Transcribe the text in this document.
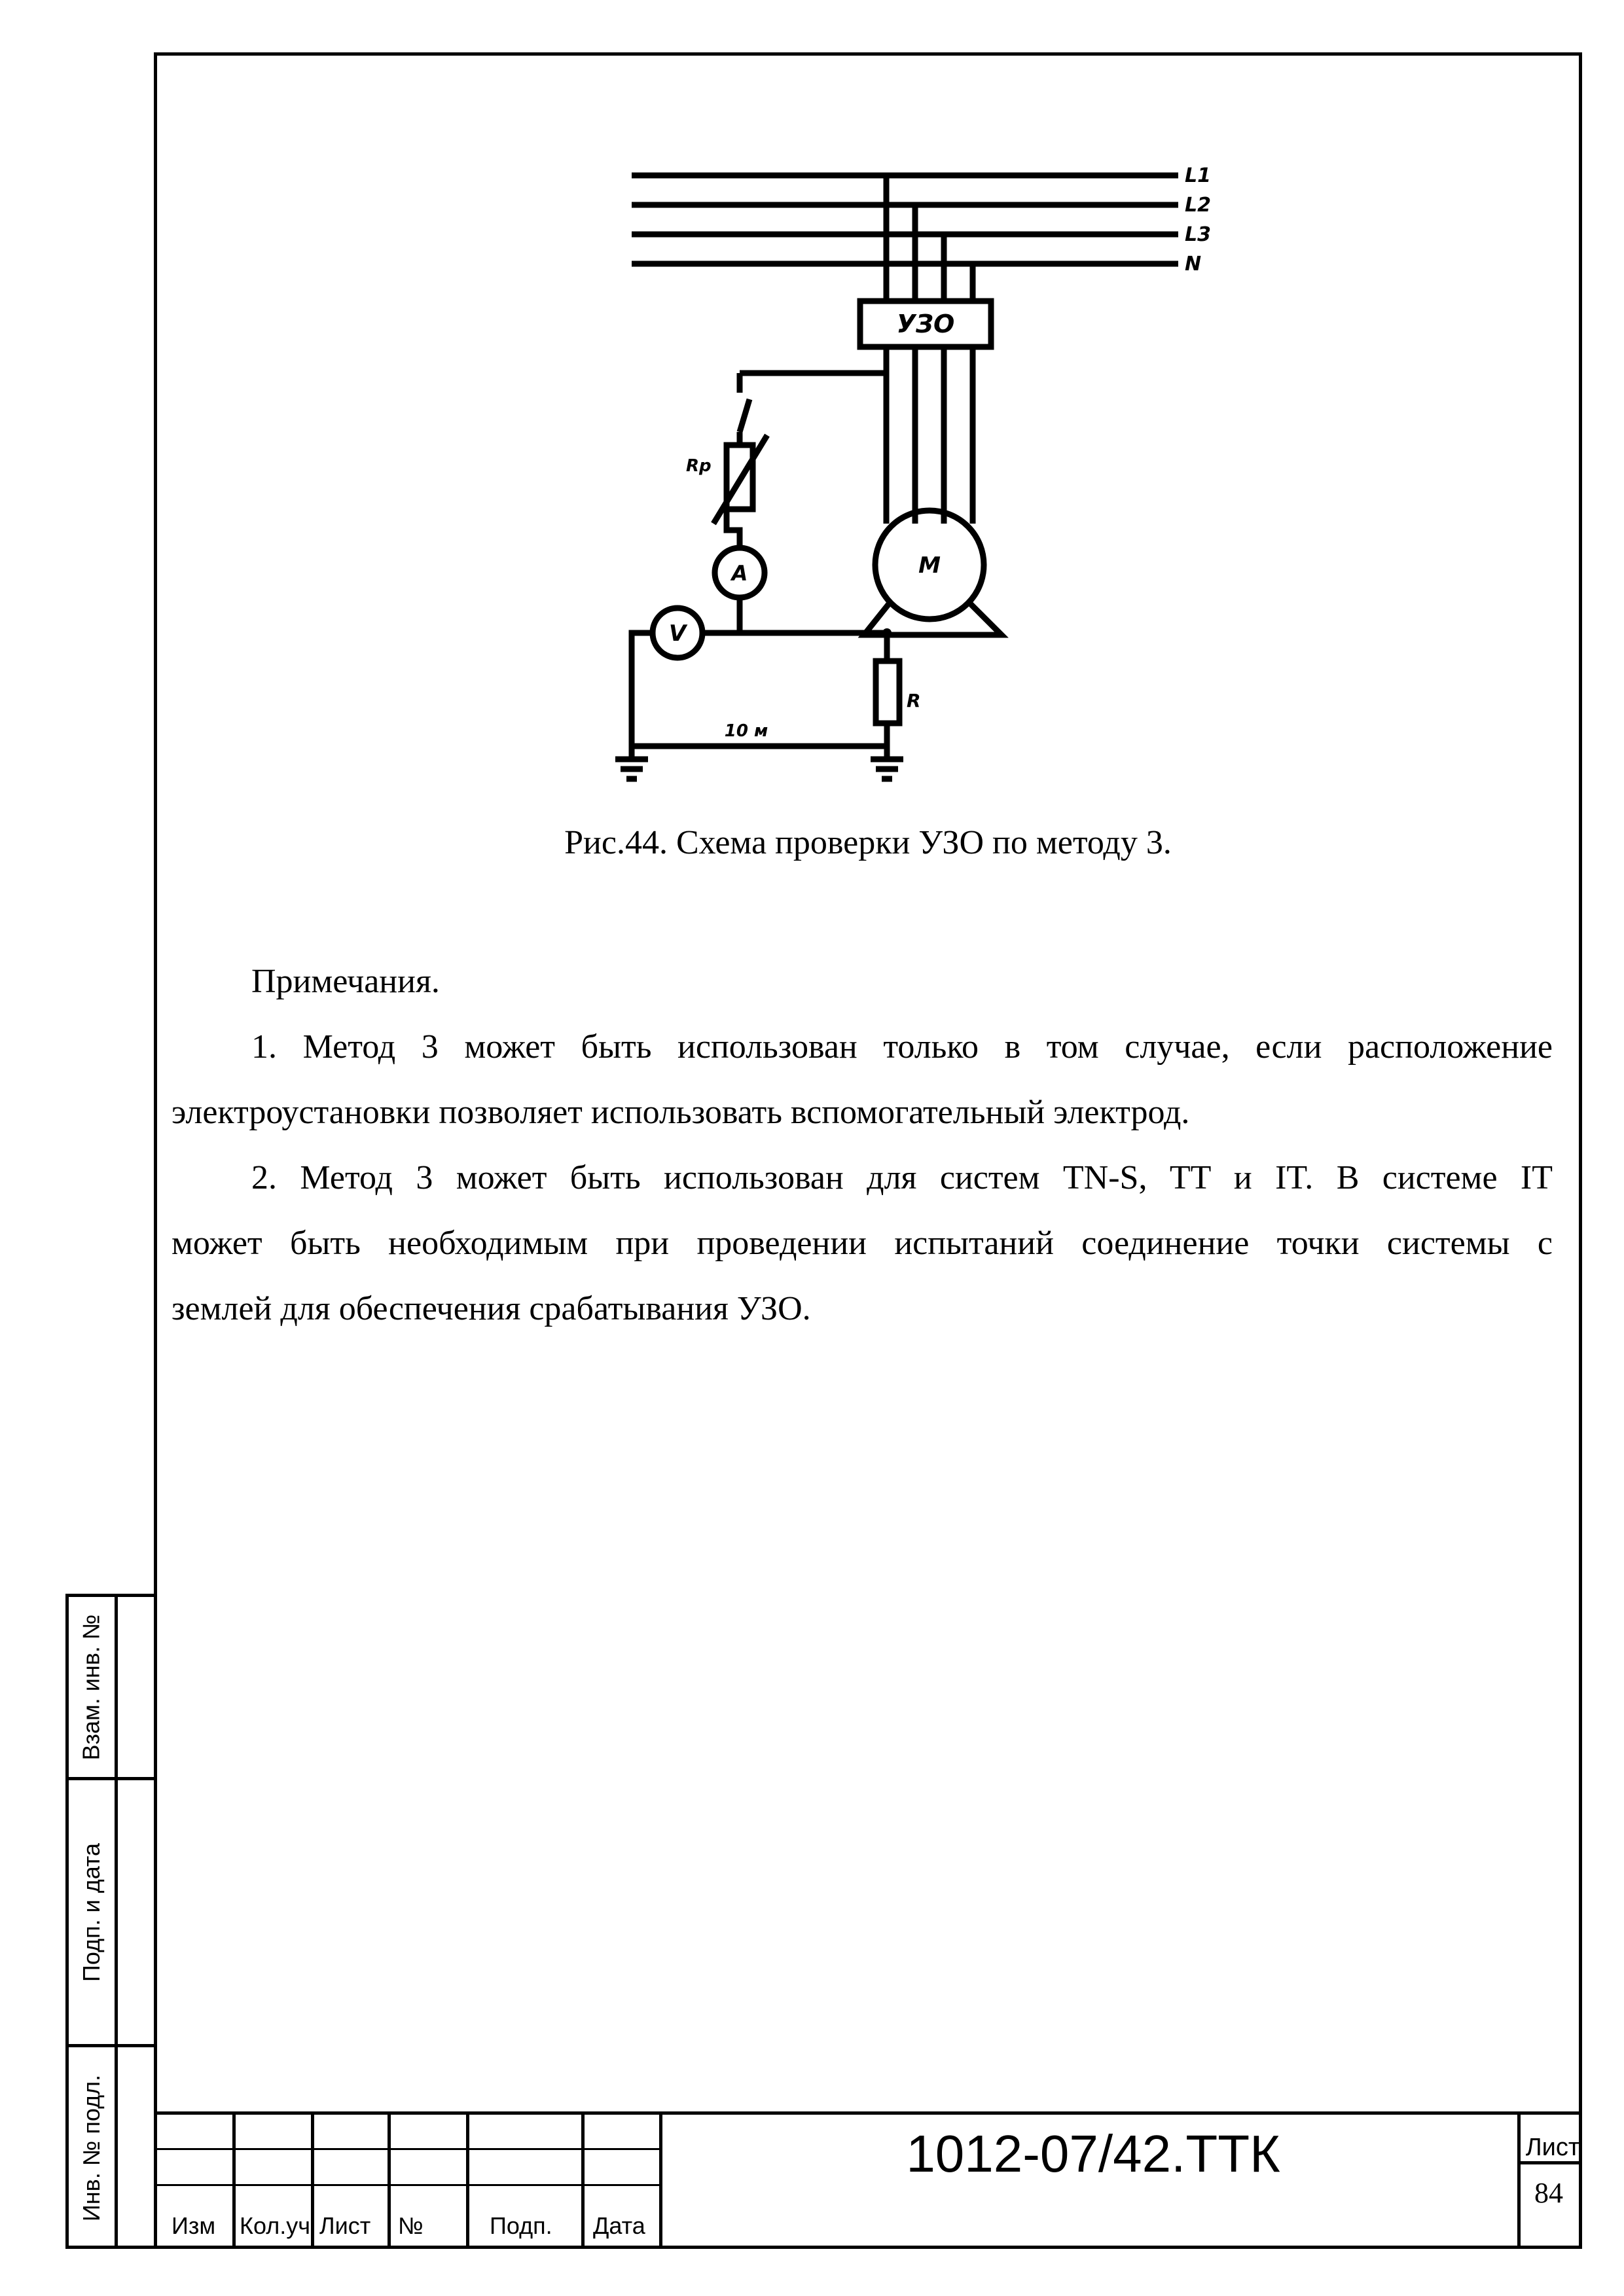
L1
L2
L3
N
УЗО
Rp
A
V
M
R
10 м
Рис.44. Схема проверки УЗО по методу 3.

Примечания.

1. Метод 3 может быть использован только в том случае, если расположение

электроустановки позволяет использовать вспомогательный электрод.

2. Метод 3 может быть использован для систем TN-S, TT и IT. В системе IT

может быть необходимым при проведении испытаний соединение точки системы с

землей для обеспечения срабатывания УЗО.

Взам. инв. №
Подп. и дата
Инв. № подл.
Изм Кол.уч Лист №	Подп. Дата
1012-07/42.ТТК	Лист
84
